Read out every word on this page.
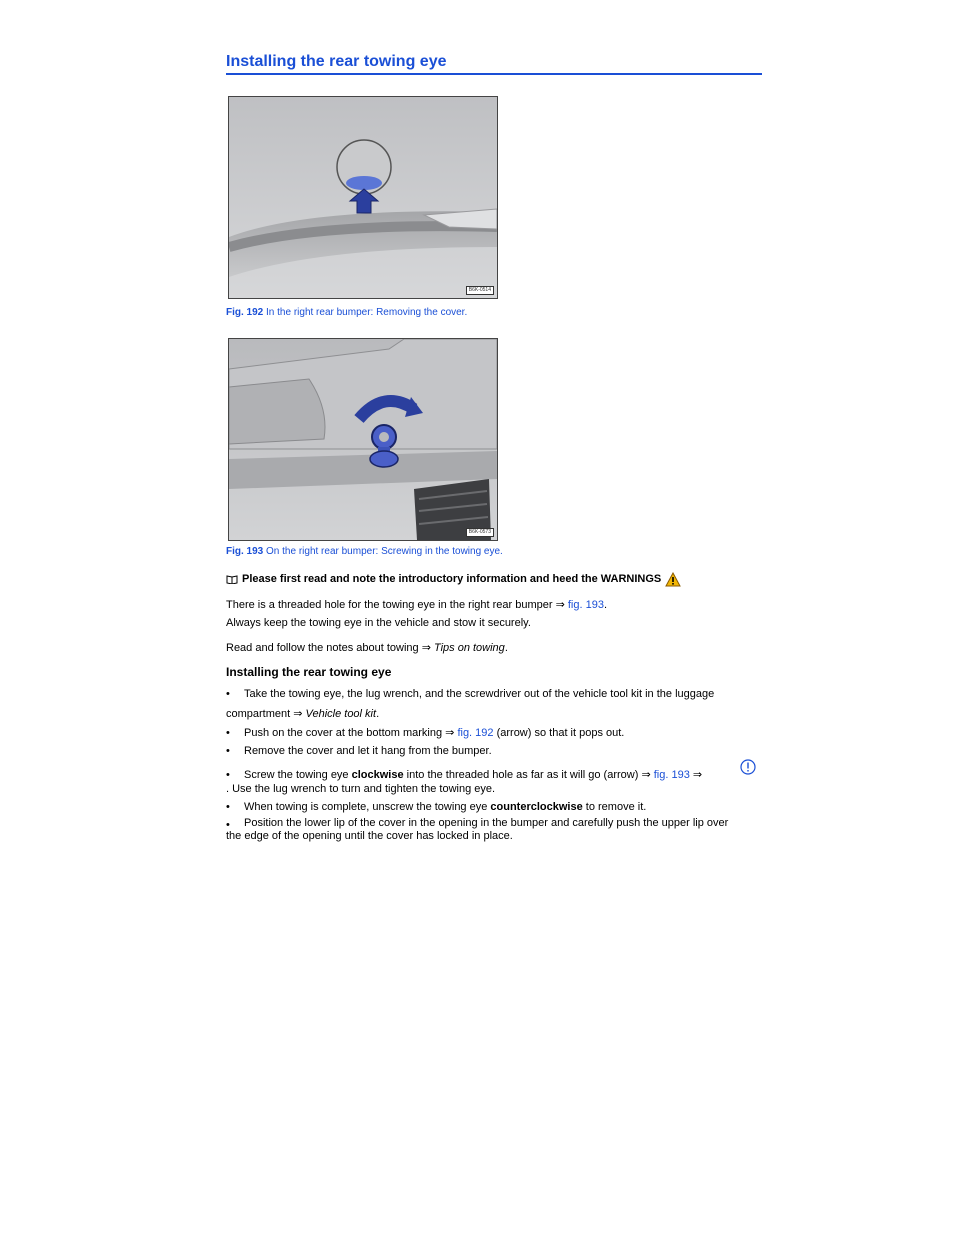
Installing the rear towing eye
B6K-0514
Fig. 192 In the right rear bumper: Removing the cover.
B6K-0573
Fig. 193 On the right rear bumper: Screwing in the towing eye.
Please first read and note the introductory information and heed the WARNINGS
There is a threaded hole for the towing eye in the right rear bumper ⇒ fig. 193.
Always keep the towing eye in the vehicle and stow it securely.
Read and follow the notes about towing ⇒ Tips on towing.
Installing the rear towing eye
•	Take the towing eye, the lug wrench, and the screwdriver out of the vehicle tool kit in the luggage
compartment ⇒ Vehicle tool kit.
•	Push on the cover at the bottom marking ⇒ fig. 192 (arrow) so that it pops out.
•	Remove the cover and let it hang from the bumper.
•	Screw the towing eye clockwise into the threaded hole as far as it will go (arrow) ⇒ fig. 193 ⇒
. Use the lug wrench to turn and tighten the towing eye.
•	When towing is complete, unscrew the towing eye counterclockwise to remove it.
•	Position the lower lip of the cover in the opening in the bumper and carefully push the upper lip over the edge of the opening until the cover has locked in place.
